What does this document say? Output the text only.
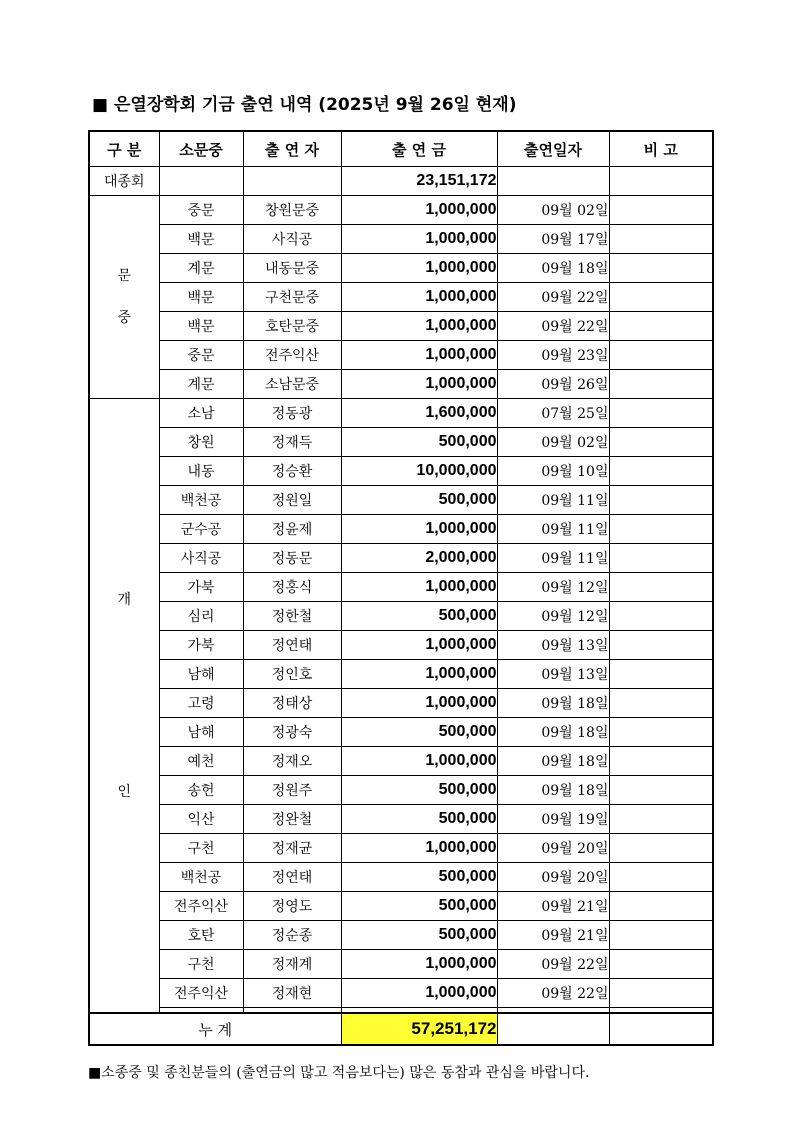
■ 은열장학회 기금 출연 내역 (2025년 9월 26일 현재)
구 분	소문중	출 연 자	출 연 금	출연일자	비 고
대종회			23,151,172		

문
중	중문	창원문중	1,000,000	09월 02일	
	백문	사직공	1,000,000	09월 17일	
	계문	내동문중	1,000,000	09월 18일	
	백문	구천문중	1,000,000	09월 22일	
	백문	호탄문중	1,000,000	09월 22일	
	중문	전주익산	1,000,000	09월 23일	
	계문	소남문중	1,000,000	09월 26일	

개
인	소남	정동광	1,600,000	07월 25일	
	창원	정재득	500,000	09월 02일	
	내동	정승환	10,000,000	09월 10일	
	백천공	정원일	500,000	09월 11일	
	군수공	정윤제	1,000,000	09월 11일	
	사직공	정동문	2,000,000	09월 11일	
	가북	정홍식	1,000,000	09월 12일	
	심리	정한철	500,000	09월 12일	
	가북	정연태	1,000,000	09월 13일	
	남해	정인호	1,000,000	09월 13일	
	고령	정태상	1,000,000	09월 18일	
	남해	정광숙	500,000	09월 18일	
	예천	정재오	1,000,000	09월 18일	
	송헌	정원주	500,000	09월 18일	
	익산	정완철	500,000	09월 19일	
	구천	정재균	1,000,000	09월 20일	
	백천공	정연태	500,000	09월 20일	
	전주익산	정영도	500,000	09월 21일	
	호탄	정순종	500,000	09월 21일	
	구천	정재계	1,000,000	09월 22일	
	전주익산	정재현	1,000,000	09월 22일	

누 계			57,251,172		
■소종중 및 종친분들의 (출연금의 많고 적음보다는) 많은 동참과 관심을 바랍니다.
